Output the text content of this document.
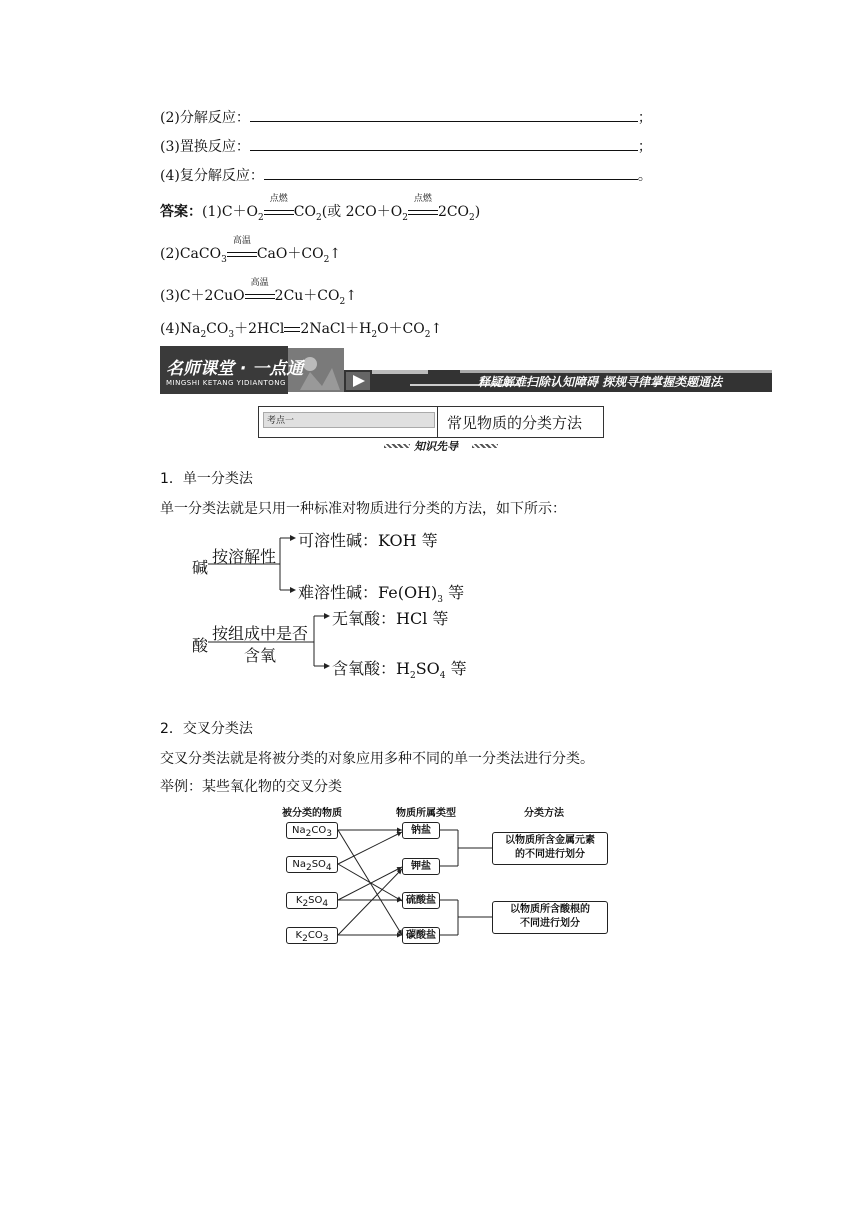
(2)分解反应：	；
(3)置换反应：	；
(4)复分解反应：	。
答案：$(1)C+O_2$
点燃
$CO_2$(或 $2CO+O_2$
点燃
$2CO_2$)
(2)CaCO$_3$
高温
$CaO+CO_2↑$
(3)C＋2CuO
高温
$2Cu+CO_2↑$
$(4)Na_2CO_3+2HCl$ $2NaCl+H_2O+CO_2↑$
名师课堂 · 一点通
MINGSHI KETANG YIDIANTONG	释疑解难扫除认知障碍 探规寻律掌握类题通法
考点一	常见物质的分类方法
知识先导
1．单一分类法
单一分类法就是只用一种标准对物质进行分类的方法，如下所示：
碱
按溶解性
可溶性碱：KOH 等
难溶性碱：$Fe(OH)_3$ 等
酸
按组成中是否
含氧
无氧酸：HCl 等
含氧酸：$H_2SO_4$ 等
2．交叉分类法
交叉分类法就是将被分类的对象应用多种不同的单一分类法进行分类。
举例：某些氧化物的交叉分类
被分类的物质	物质所属类型	分类方法
$Na_2CO_3$
$Na_2SO_4$
$K_2SO_4$
$K_2CO_3$
钠盐
钾盐
硫酸盐
碳酸盐
以物质所含金属元素
的不同进行划分
以物质所含酸根的
不同进行划分
